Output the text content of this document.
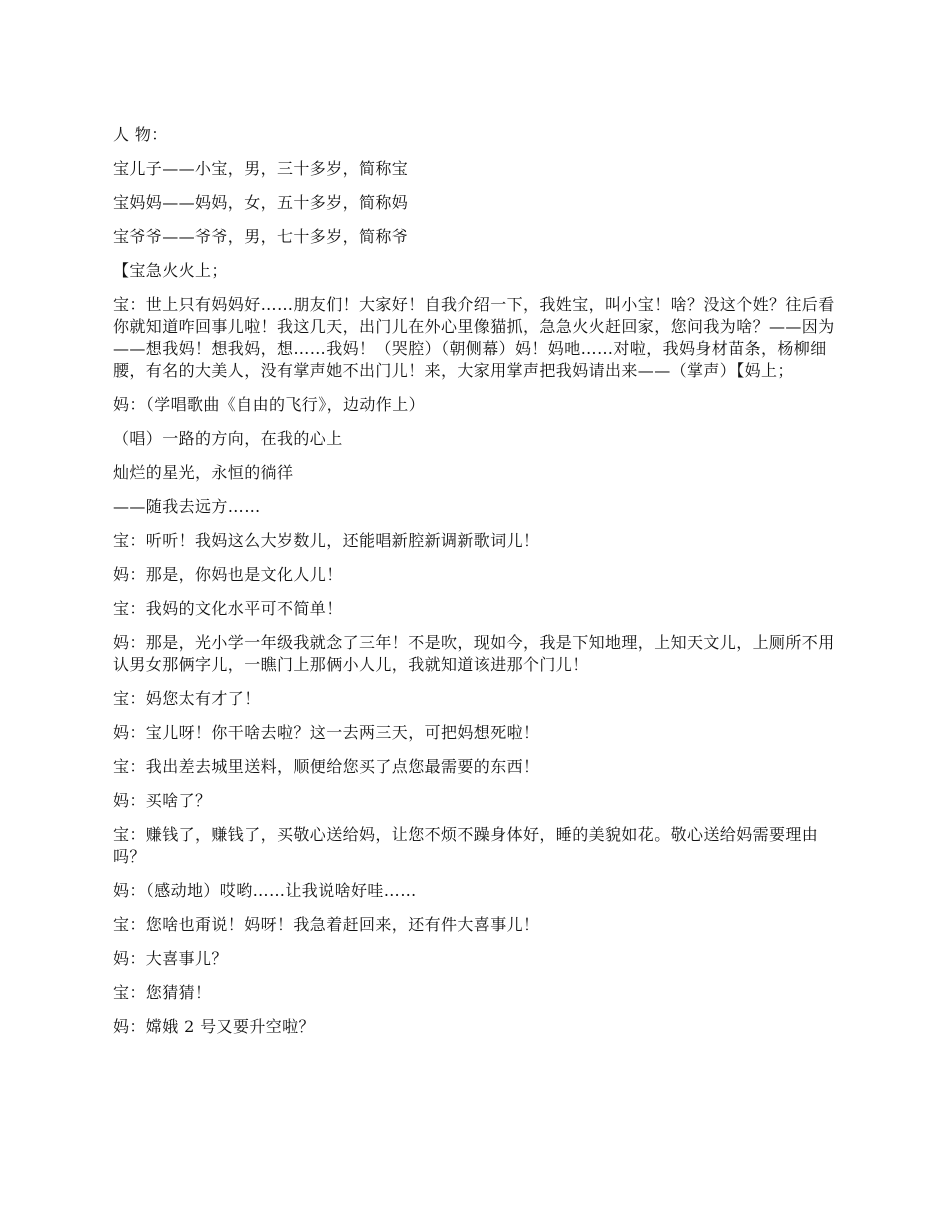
人 物：

宝儿子——小宝，男，三十多岁，简称宝

宝妈妈——妈妈，女，五十多岁，简称妈

宝爷爷——爷爷，男，七十多岁，简称爷

【宝急火火上；

宝：世上只有妈妈好……朋友们！大家好！自我介绍一下，我姓宝，叫小宝！啥？没这个姓？往后看你就知道咋回事儿啦！我这几天，出门儿在外心里像猫抓，急急火火赶回家，您问我为啥？——因为——想我妈！想我妈，想……我妈！（哭腔）（朝侧幕）妈！妈吔……对啦，我妈身材苗条，杨柳细腰，有名的大美人，没有掌声她不出门儿！来，大家用掌声把我妈请出来——（掌声）【妈上；

妈：（学唱歌曲《自由的飞行》，边动作上）

（唱）一路的方向，在我的心上

灿烂的星光，永恒的徜徉

——随我去远方……

宝：听听！我妈这么大岁数儿，还能唱新腔新调新歌词儿！

妈：那是，你妈也是文化人儿！

宝：我妈的文化水平可不简单！

妈：那是，光小学一年级我就念了三年！不是吹，现如今，我是下知地理，上知天文儿，上厕所不用认男女那俩字儿，一瞧门上那俩小人儿，我就知道该进那个门儿！

宝：妈您太有才了！

妈：宝儿呀！你干啥去啦？这一去两三天，可把妈想死啦！

宝：我出差去城里送料，顺便给您买了点您最需要的东西！

妈：买啥了？

宝：赚钱了，赚钱了，买敬心送给妈，让您不烦不躁身体好，睡的美貌如花。敬心送给妈需要理由吗？

妈：（感动地）哎哟……让我说啥好哇……

宝：您啥也甭说！妈呀！我急着赶回来，还有件大喜事儿！

妈：大喜事儿？

宝：您猜猜！

妈：嫦娥 2 号又要升空啦？
